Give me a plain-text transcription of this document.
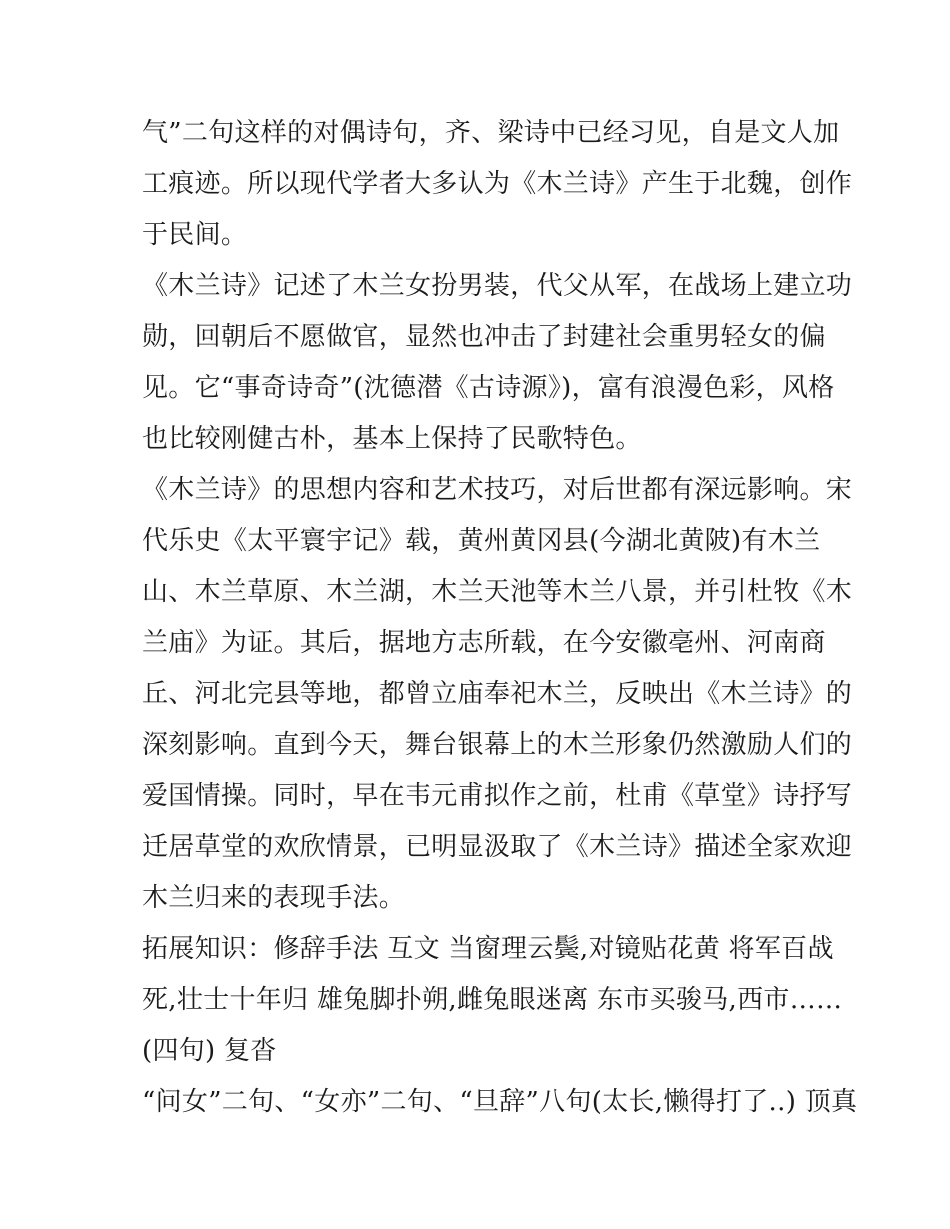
气”二句这样的对偶诗句，齐、梁诗中已经习见，自是文人加
工痕迹。所以现代学者大多认为《木兰诗》产生于北魏，创作
于民间。
《木兰诗》记述了木兰女扮男装，代父从军，在战场上建立功
勋，回朝后不愿做官，显然也冲击了封建社会重男轻女的偏
见。它“事奇诗奇”(沈德潜《古诗源》)，富有浪漫色彩，风格
也比较刚健古朴，基本上保持了民歌特色。
《木兰诗》的思想内容和艺术技巧，对后世都有深远影响。宋
代乐史《太平寰宇记》载，黄州黄冈县(今湖北黄陂)有木兰
山、木兰草原、木兰湖，木兰天池等木兰八景，并引杜牧《木
兰庙》为证。其后，据地方志所载，在今安徽亳州、河南商
丘、河北完县等地，都曾立庙奉祀木兰，反映出《木兰诗》的
深刻影响。直到今天，舞台银幕上的木兰形象仍然激励人们的
爱国情操。同时，早在韦元甫拟作之前，杜甫《草堂》诗抒写
迁居草堂的欢欣情景，已明显汲取了《木兰诗》描述全家欢迎
木兰归来的表现手法。
拓展知识：修辞手法 互文 当窗理云鬓,对镜贴花黄 将军百战
死,壮士十年归 雄兔脚扑朔,雌兔眼迷离 东市买骏马,西市……
(四句) 复沓
“问女”二句、“女亦”二句、“旦辞”八句(太长,懒得打了..) 顶真
